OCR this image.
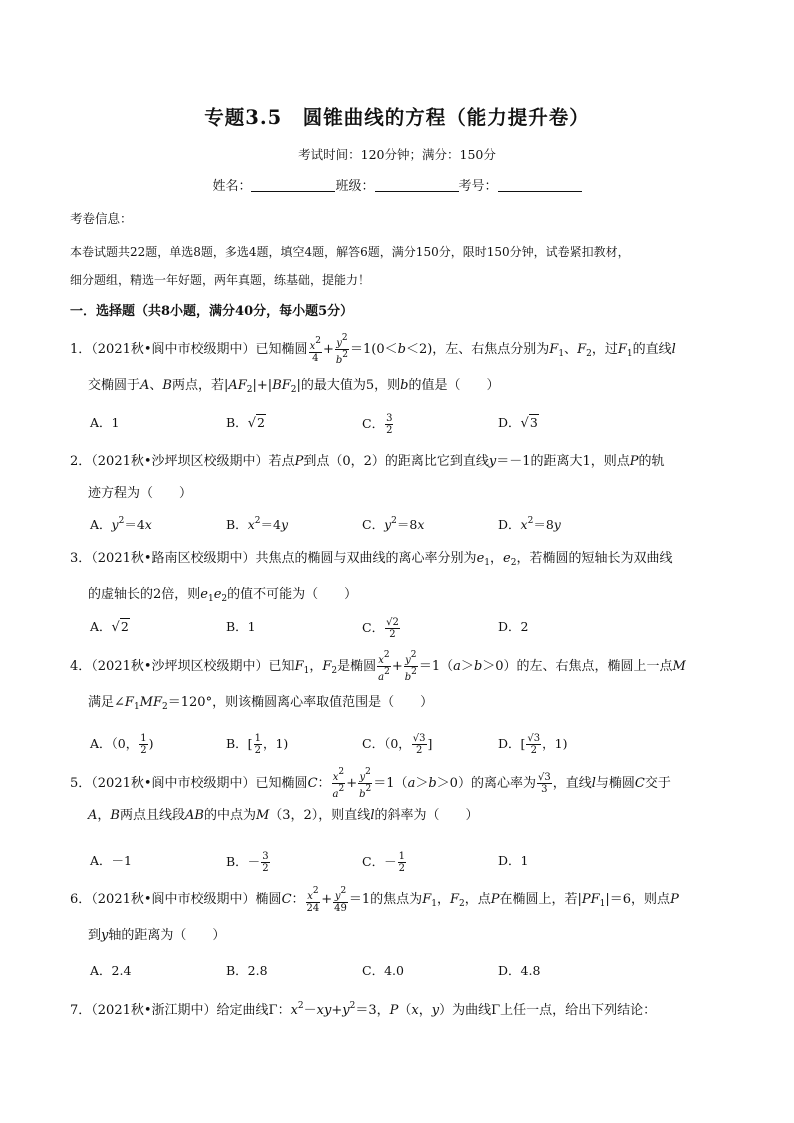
专题3.5　圆锥曲线的方程（能力提升卷）
考试时间：120分钟；满分：150分
姓名：	班级：	考号：
考卷信息：
本卷试题共22题，单选8题，多选4题，填空4题，解答6题，满分150分，限时150分钟，试卷紧扣教材，
细分题组，精选一年好题，两年真题，练基础，提能力！
一．选择题（共8小题，满分40分，每小题5分）
1．（2021秋•阆中市校级期中）已知椭圆 $\frac{x^2}{4} + \frac{y^2}{b^2} =1(0<b<2)$，左、右焦点分别为$F_1$、$F_2$，过$F_1$的直线l
交椭圆于A、B两点，若$|AF_2|+|BF_2|$的最大值为5，则b的值是（　　）
A．1	B．√2	C． $\frac{3}{2}$	D．√3
2．（2021秋•沙坪坝区校级期中）若点P到点（0，2）的距离比它到直线y＝－1的距离大1，则点P的轨
迹方程为（　　）
A．$y^2=4x$	B．$x^2=4y$	C．$y^2=8x$	D．$x^2=8y$
3．（2021秋•路南区校级期中）共焦点的椭圆与双曲线的离心率分别为$e_1$，$e_2$，若椭圆的短轴长为双曲线
的虚轴长的2倍，则$e_1e_2$的值不可能为（　　）
A．√2	B．1	C． $\frac{√2}{2}$	D．2
4．（2021秋•沙坪坝区校级期中）已知$F_1$，$F_2$是椭圆 $\frac{x^2}{a^2} + \frac{y^2}{b^2} =1(a>b>0)$的左、右焦点，椭圆上一点M
满足$\angle F_1MF_2=120^\circ$，则该椭圆离心率取值范围是（　　）
A．（0， $\frac{1}{2}$ )	B．[ $\frac{1}{2}$ ，1)	C．（0， $\frac{√3}{2}$ ]	D．[ $\frac{√3}{2}$ ，1)
5．（2021秋•阆中市校级期中）已知椭圆C： $\frac{x^2}{a^2} + \frac{y^2}{b^2} =1(a>b>0)$的离心率为 $\frac{√3}{3}$ ，直线l与椭圆C交于
A，B两点且线段AB的中点为M（3，2），则直线l的斜率为（　　）
A．－1	B．－ $\frac{3}{2}$	C．－ $\frac{1}{2}$	D．1
6．（2021秋•阆中市校级期中）椭圆C： $\frac{x^2}{24} + \frac{y^2}{49} =1$的焦点为$F_1$，$F_2$，点P在椭圆上，若$|PF_1|=6$，则点P
到y轴的距离为（　　）
A．2.4	B．2.8	C．4.0	D．4.8
7．（2021秋•浙江期中）给定曲线Γ：$x^2-xy+y^2=3$，P（x，y）为曲线Γ上任一点，给出下列结论：
